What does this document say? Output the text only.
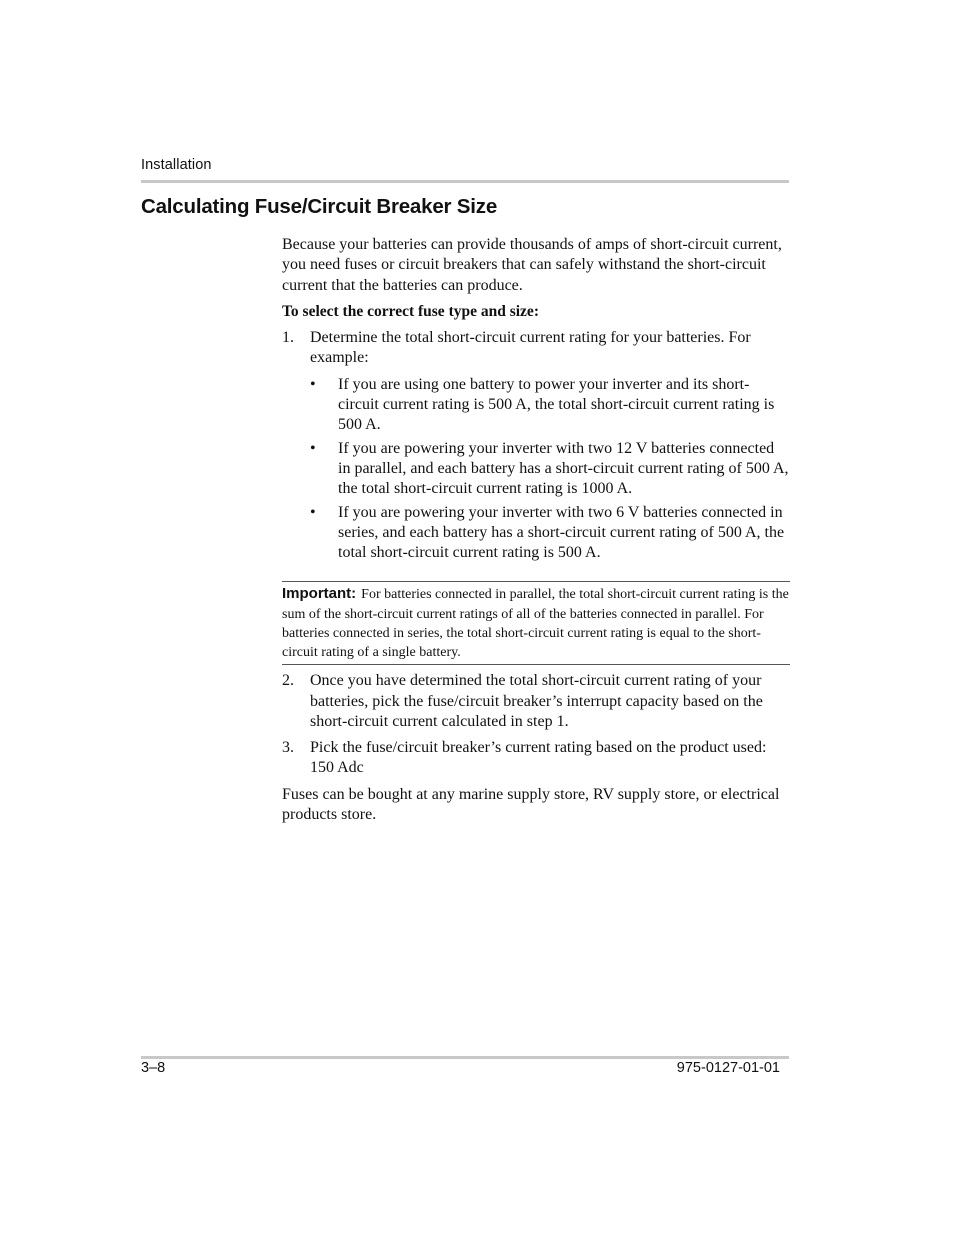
Installation
Calculating Fuse/Circuit Breaker Size

Because your batteries can provide thousands of amps of short-circuit current, you need fuses or circuit breakers that can safely withstand the short-circuit current that the batteries can produce.

To select the correct fuse type and size:

1.	Determine the total short-circuit current rating for your batteries. For example:
•	If you are using one battery to power your inverter and its short-circuit current rating is 500 A, the total short-circuit current rating is 500 A.
•	If you are powering your inverter with two 12 V batteries connected in parallel, and each battery has a short-circuit current rating of 500 A, the total short-circuit current rating is 1000 A.
•	If you are powering your inverter with two 6 V batteries connected in series, and each battery has a short-circuit current rating of 500 A, the total short-circuit current rating is 500 A.
Important: For batteries connected in parallel, the total short-circuit current rating is the sum of the short-circuit current ratings of all of the batteries connected in parallel. For batteries connected in series, the total short-circuit current rating is equal to the short-circuit rating of a single battery.
2.	Once you have determined the total short-circuit current rating of your batteries, pick the fuse/circuit breaker’s interrupt capacity based on the short-circuit current calculated in step 1.
3.	Pick the fuse/circuit breaker’s current rating based on the product used: 150 Adc

Fuses can be bought at any marine supply store, RV supply store, or electrical products store.

3–8	975-0127-01-01
